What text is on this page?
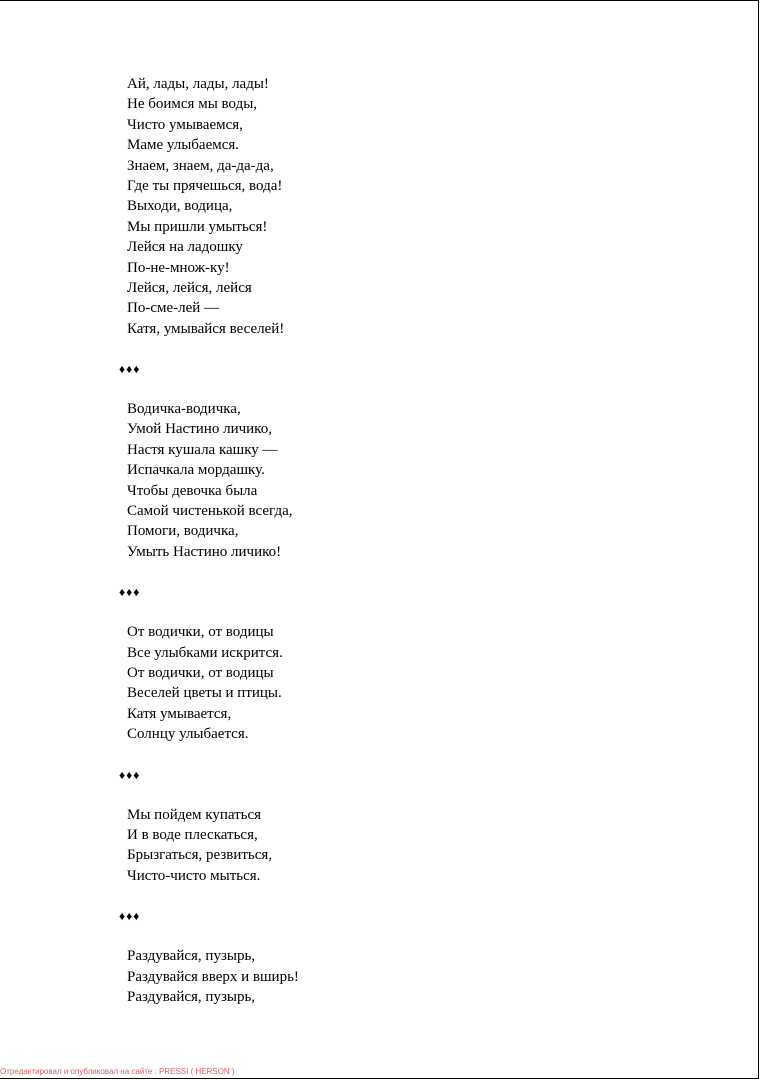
Ай, лады, лады, лады!
Не боимся мы воды,
Чисто умываемся,
Маме улыбаемся.
Знаем, знаем, да-да-да,
Где ты прячешься, вода!
Выходи, водица,
Мы пришли умыться!
Лейся на ладошку
По-не-множ-ку!
Лейся, лейся, лейся
По-сме-лей —
Катя, умывайся веселей!
♦♦♦
Водичка-водичка,
Умой Настино личико,
Настя кушала кашку —
Испачкала мордашку.
Чтобы девочка была
Самой чистенькой всегда,
Помоги, водичка,
Умыть Настино личико!
♦♦♦
От водички, от водицы
Все улыбками искрится.
От водички, от водицы
Веселей цветы и птицы.
Катя умывается,
Солнцу улыбается.
♦♦♦
Мы пойдем купаться
И в воде плескаться,
Брызгаться, резвиться,
Чисто-чисто мыться.
♦♦♦
Раздувайся, пузырь,
Раздувайся вверх и вширь!
Раздувайся, пузырь,
Отредактировал и опубликовал на сайте : PRESSI ( HERSON )
